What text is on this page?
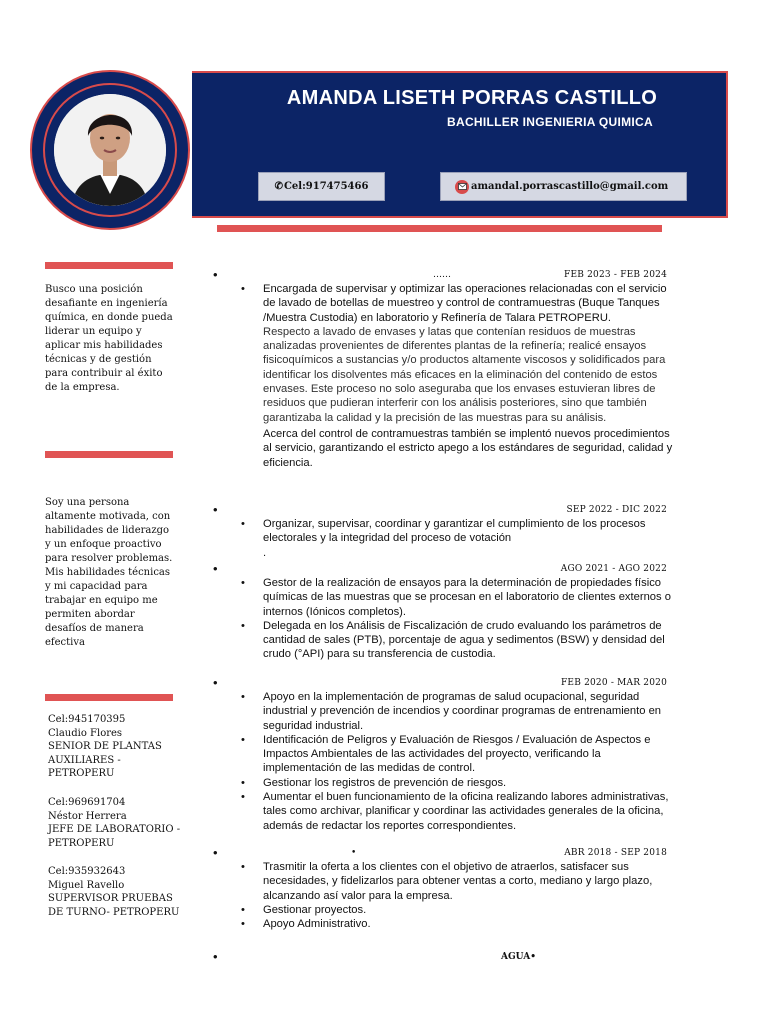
AMANDA LISETH PORRAS CASTILLO
BACHILLER INGENIERIA QUIMICA
✆ Cel:917475466	amandal.porrascastillo@gmail.com
Busco una posición desafiante en ingeniería química, en donde pueda liderar un equipo y aplicar mis habilidades técnicas y de gestión para contribuir al éxito de la empresa.
Soy una persona altamente motivada, con habilidades de liderazgo y un enfoque proactivo para resolver problemas. Mis habilidades técnicas y mi capacidad para trabajar en equipo me permiten abordar desafíos de manera efectiva
Cel:945170395
Claudio Flores
SENIOR DE PLANTAS AUXILIARES -PETROPERU
Cel:969691704
Néstor Herrera
JEFE DE LABORATORIO -PETROPERU
Cel:935932643
Miguel Ravello
SUPERVISOR PRUEBAS DE TURNO- PETROPERU
•	……	FEB 2023 - FEB 2024
• Encargada de supervisar y optimizar las operaciones relacionadas con el servicio de lavado de botellas de muestreo y control de contramuestras (Buque Tanques /Muestra Custodia) en laboratorio y Refinería de Talara PETROPERU.
Respecto a lavado de envases y latas que contenían residuos de muestras analizadas provenientes de diferentes plantas de la refinería; realicé ensayos fisicoquímicos a sustancias y/o productos altamente viscosos y solidificados para identificar los disolventes más eficaces en la eliminación del contenido de estos envases. Este proceso no solo aseguraba que los envases estuvieran libres de residuos que pudieran interferir con los análisis posteriores, sino que también garantizaba la calidad y la precisión de las muestras para su análisis.
Acerca del control de contramuestras también se implentó nuevos procedimientos al servicio, garantizando el estricto apego a los estándares de seguridad, calidad y eficiencia.
•	SEP 2022 - DIC 2022
• Organizar, supervisar, coordinar y garantizar el cumplimiento de los procesos electorales y la integridad del proceso de votación
.
•	AGO 2021 - AGO 2022
• Gestor de la realización de ensayos para la determinación de propiedades físico químicas de las muestras que se procesan en el laboratorio de clientes externos o internos (Iónicos completos).
• Delegada en los Análisis de Fiscalización de crudo evaluando los parámetros de cantidad de sales (PTB), porcentaje de agua y sedimentos (BSW) y densidad del crudo (°API) para su transferencia de custodia.
•	FEB 2020 - MAR 2020
• Apoyo en la implementación de programas de salud ocupacional, seguridad industrial y prevención de incendios y coordinar programas de entrenamiento en seguridad industrial.
• Identificación de Peligros y Evaluación de Riesgos / Evaluación de Aspectos e Impactos Ambientales de las actividades del proyecto, verificando la implementación de las medidas de control.
• Gestionar los registros de prevención de riesgos.
• Aumentar el buen funcionamiento de la oficina realizando labores administrativas, tales como archivar, planificar y coordinar las actividades generales de la oficina, además de redactar los reportes correspondientes.
•	•	ABR 2018 - SEP 2018
• Trasmitir la oferta a los clientes con el objetivo de atraerlos, satisfacer sus necesidades, y fidelizarlos para obtener ventas a corto, mediano y largo plazo, alcanzando así valor para la empresa.
• Gestionar proyectos.
• Apoyo Administrativo.
•	AGUA•
